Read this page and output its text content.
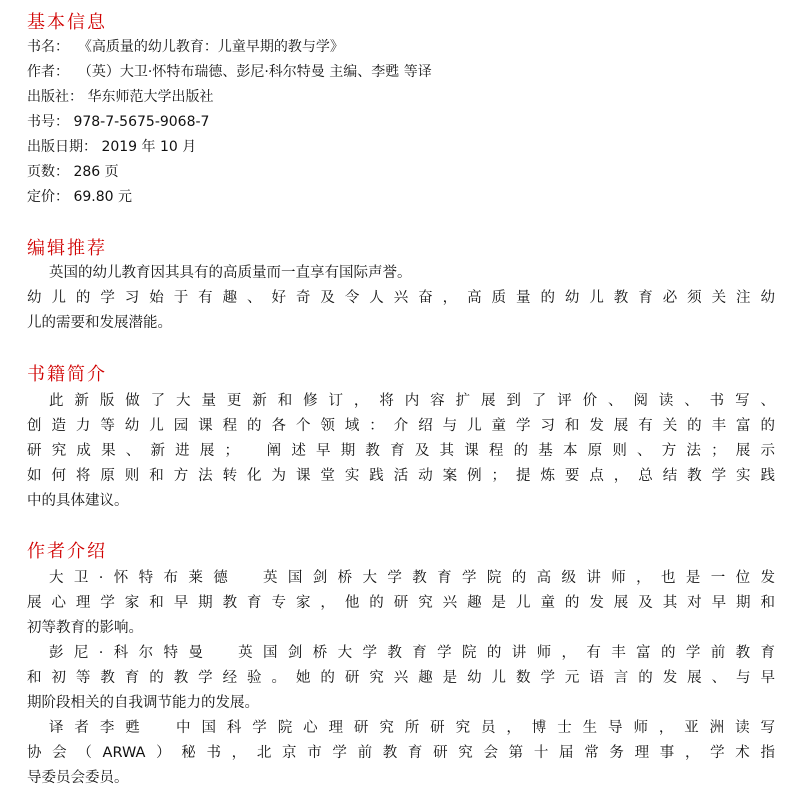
基本信息
书名： 《高质量的幼儿教育：儿童早期的教与学》
作者： （英）大卫·怀特布瑞德、彭尼·科尔特曼 主编、李甦 等译
出版社： 华东师范大学出版社
书号： 978-7-5675-9068-7
出版日期： 2019 年 10 月
页数： 286 页
定价： 69.80 元
编辑推荐
英国的幼儿教育因其具有的高质量而一直享有国际声誉。
幼儿的学习始于有趣、好奇及令人兴奋，高质量的幼儿教育必须关注幼
儿的需要和发展潜能。
书籍简介
此新版做了大量更新和修订，将内容扩展到了评价、阅读、书写、
创造力等幼儿园课程的各个领域：介绍与儿童学习和发展有关的丰富的
研究成果、新进展；　阐述早期教育及其课程的基本原则、方法；展示
如何将原则和方法转化为课堂实践活动案例；提炼要点，总结教学实践
中的具体建议。
作者介绍
大卫·怀特布莱德　英国剑桥大学教育学院的高级讲师，也是一位发
展心理学家和早期教育专家，他的研究兴趣是儿童的发展及其对早期和
初等教育的影响。
彭尼·科尔特曼　英国剑桥大学教育学院的讲师，有丰富的学前教育
和初等教育的教学经验。她的研究兴趣是幼儿数学元语言的发展、与早
期阶段相关的自我调节能力的发展。
译者李甦　中国科学院心理研究所研究员，博士生导师，亚洲读写
协会（ARWA）秘书，北京市学前教育研究会第十届常务理事，学术指
导委员会委员。
